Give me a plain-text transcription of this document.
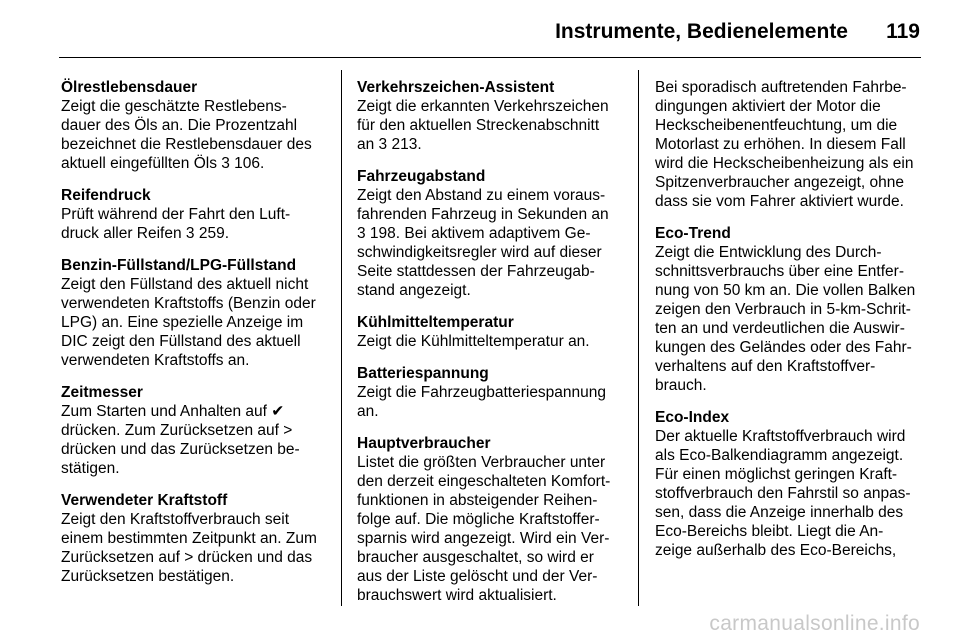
Instrumente, Bedienelemente 119
Ölrestlebensdauer

Zeigt die geschätzte Restlebens-
dauer des Öls an. Die Prozentzahl
bezeichnet die Restlebensdauer des
aktuell eingefüllten Öls 3 106.

Reifendruck

Prüft während der Fahrt den Luft-
druck aller Reifen 3 259.

Benzin-Füllstand/LPG-Füllstand

Zeigt den Füllstand des aktuell nicht
verwendeten Kraftstoffs (Benzin oder
LPG) an. Eine spezielle Anzeige im
DIC zeigt den Füllstand des aktuell
verwendeten Kraftstoffs an.

Zeitmesser

Zum Starten und Anhalten auf ✔
drücken. Zum Zurücksetzen auf >
drücken und das Zurücksetzen be-
stätigen.

Verwendeter Kraftstoff

Zeigt den Kraftstoffverbrauch seit
einem bestimmten Zeitpunkt an. Zum
Zurücksetzen auf > drücken und das
Zurücksetzen bestätigen.

Verkehrszeichen-Assistent

Zeigt die erkannten Verkehrszeichen
für den aktuellen Streckenabschnitt
an 3 213.

Fahrzeugabstand

Zeigt den Abstand zu einem voraus-
fahrenden Fahrzeug in Sekunden an
3 198. Bei aktivem adaptivem Ge-
schwindigkeitsregler wird auf dieser
Seite stattdessen der Fahrzeugab-
stand angezeigt.

Kühlmitteltemperatur

Zeigt die Kühlmitteltemperatur an.

Batteriespannung

Zeigt die Fahrzeugbatteriespannung
an.

Hauptverbraucher

Listet die größten Verbraucher unter
den derzeit eingeschalteten Komfort-
funktionen in absteigender Reihen-
folge auf. Die mögliche Kraftstoffer-
sparnis wird angezeigt. Wird ein Ver-
braucher ausgeschaltet, so wird er
aus der Liste gelöscht und der Ver-
brauchswert wird aktualisiert.

Bei sporadisch auftretenden Fahrbe-
dingungen aktiviert der Motor die
Heckscheibenentfeuchtung, um die
Motorlast zu erhöhen. In diesem Fall
wird die Heckscheibenheizung als ein
Spitzenverbraucher angezeigt, ohne
dass sie vom Fahrer aktiviert wurde.

Eco-Trend

Zeigt die Entwicklung des Durch-
schnittsverbrauchs über eine Entfer-
nung von 50 km an. Die vollen Balken
zeigen den Verbrauch in 5-km-Schrit-
ten an und verdeutlichen die Auswir-
kungen des Geländes oder des Fahr-
verhaltens auf den Kraftstoffver-
brauch.

Eco-Index

Der aktuelle Kraftstoffverbrauch wird
als Eco-Balkendiagramm angezeigt.
Für einen möglichst geringen Kraft-
stoffverbrauch den Fahrstil so anpas-
sen, dass die Anzeige innerhalb des
Eco-Bereichs bleibt. Liegt die An-
zeige außerhalb des Eco-Bereichs,

carmanualsonline.info
